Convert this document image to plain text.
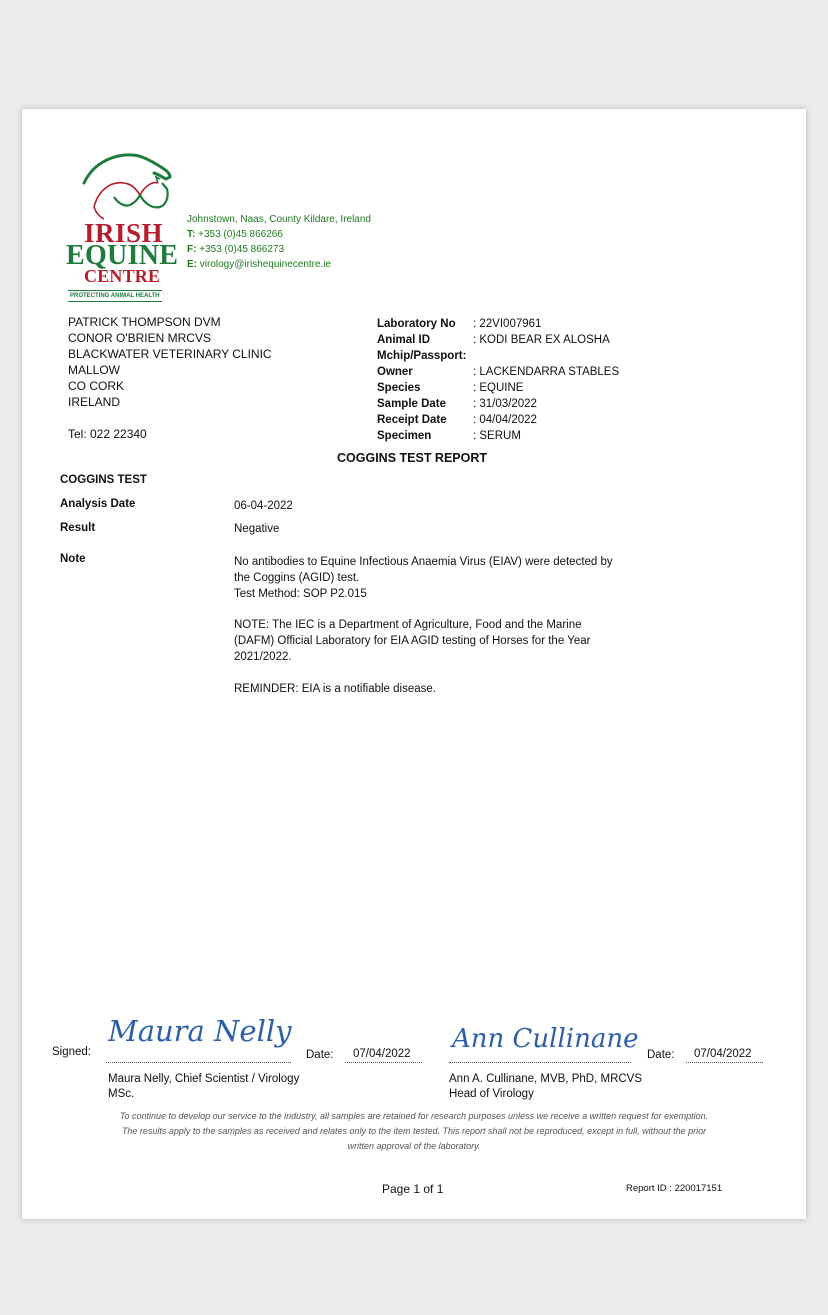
IRISH
EQUINE
CENTRE
PROTECTING ANIMAL HEALTH
Johnstown, Naas, County Kildare, Ireland
T: +353 (0)45 866266
F: +353 (0)45 866273
E: virology@irishequinecentre.ie
PATRICK THOMPSON DVM
CONOR O'BRIEN MRCVS
BLACKWATER VETERINARY CLINIC
MALLOW
CO CORK
IRELAND
Tel: 022 22340
Laboratory No	: 22VI007961
Animal ID	: KODI BEAR EX ALOSHA
Mchip/Passport:
Owner	: LACKENDARRA STABLES
Species	: EQUINE
Sample Date	: 31/03/2022
Receipt Date	: 04/04/2022
Specimen	: SERUM
COGGINS TEST REPORT
COGGINS TEST
Analysis Date	06-04-2022
Result	Negative
Note	No antibodies to Equine Infectious Anaemia Virus (EIAV) were detected by
the Coggins (AGID) test.
Test Method: SOP P2.015
NOTE: The IEC is a Department of Agriculture, Food and the Marine
(DAFM) Official Laboratory for EIA AGID testing of Horses for the Year
2021/2022.
REMINDER: EIA is a notifiable disease.
Signed:
Maura Nelly
Date: 07/04/2022
Maura Nelly, Chief Scientist / Virology
MSc.
Ann Cullinane
Date: 07/04/2022
Ann A. Cullinane, MVB, PhD, MRCVS
Head of Virology
To continue to develop our service to the industry, all samples are retained for research purposes unless we receive a written request for exemption.
The results apply to the samples as received and relates only to the item tested. This report shall not be reproduced, except in full, without the prior
written approval of the laboratory.
Page 1 of 1	Report ID : 220017151
